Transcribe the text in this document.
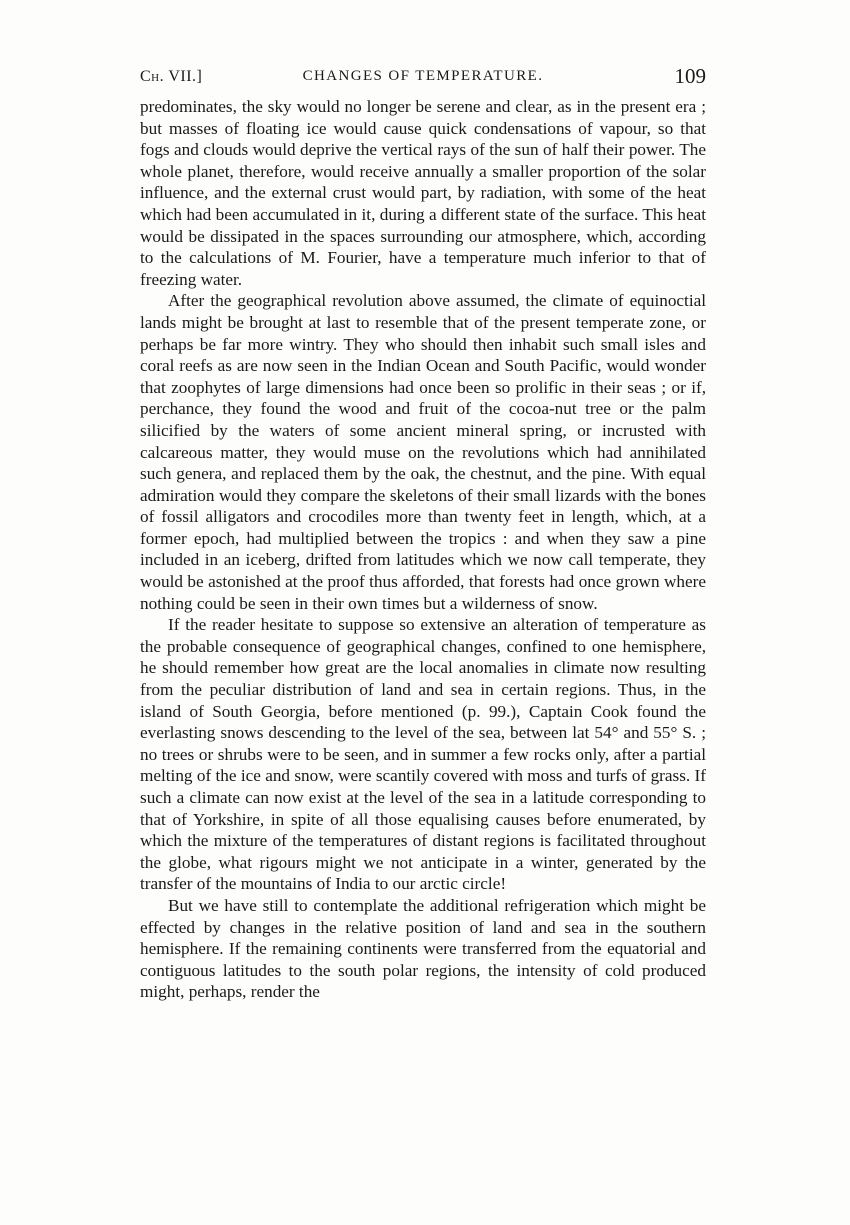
Ch. VII.]	CHANGES OF TEMPERATURE.	109

predominates, the sky would no longer be serene and clear, as in the present era ; but masses of floating ice would cause quick condensations of vapour, so that fogs and clouds would deprive the vertical rays of the sun of half their power. The whole planet, therefore, would receive annually a smaller proportion of the solar influence, and the external crust would part, by radiation, with some of the heat which had been accumulated in it, during a different state of the surface. This heat would be dissipated in the spaces surrounding our atmosphere, which, according to the calculations of M. Fourier, have a temperature much inferior to that of freezing water.

After the geographical revolution above assumed, the climate of equinoctial lands might be brought at last to resemble that of the present temperate zone, or perhaps be far more wintry. They who should then inhabit such small isles and coral reefs as are now seen in the Indian Ocean and South Pacific, would wonder that zoophytes of large dimensions had once been so prolific in their seas ; or if, perchance, they found the wood and fruit of the cocoa-nut tree or the palm silicified by the waters of some ancient mineral spring, or incrusted with calcareous matter, they would muse on the revolutions which had annihilated such genera, and replaced them by the oak, the chestnut, and the pine. With equal admiration would they compare the skeletons of their small lizards with the bones of fossil alligators and crocodiles more than twenty feet in length, which, at a former epoch, had multiplied between the tropics : and when they saw a pine included in an iceberg, drifted from latitudes which we now call temperate, they would be astonished at the proof thus afforded, that forests had once grown where nothing could be seen in their own times but a wilderness of snow.

If the reader hesitate to suppose so extensive an alteration of temperature as the probable consequence of geographical changes, confined to one hemisphere, he should remember how great are the local anomalies in climate now resulting from the peculiar distribution of land and sea in certain regions. Thus, in the island of South Georgia, before mentioned (p. 99.), Captain Cook found the everlasting snows descending to the level of the sea, between lat 54° and 55° S. ; no trees or shrubs were to be seen, and in summer a few rocks only, after a partial melting of the ice and snow, were scantily covered with moss and turfs of grass. If such a climate can now exist at the level of the sea in a latitude corresponding to that of Yorkshire, in spite of all those equalising causes before enumerated, by which the mixture of the temperatures of distant regions is facilitated throughout the globe, what rigours might we not anticipate in a winter, generated by the transfer of the mountains of India to our arctic circle!

But we have still to contemplate the additional refrigeration which might be effected by changes in the relative position of land and sea in the southern hemisphere. If the remaining continents were transferred from the equatorial and contiguous latitudes to the south polar regions, the intensity of cold produced might, perhaps, render the
